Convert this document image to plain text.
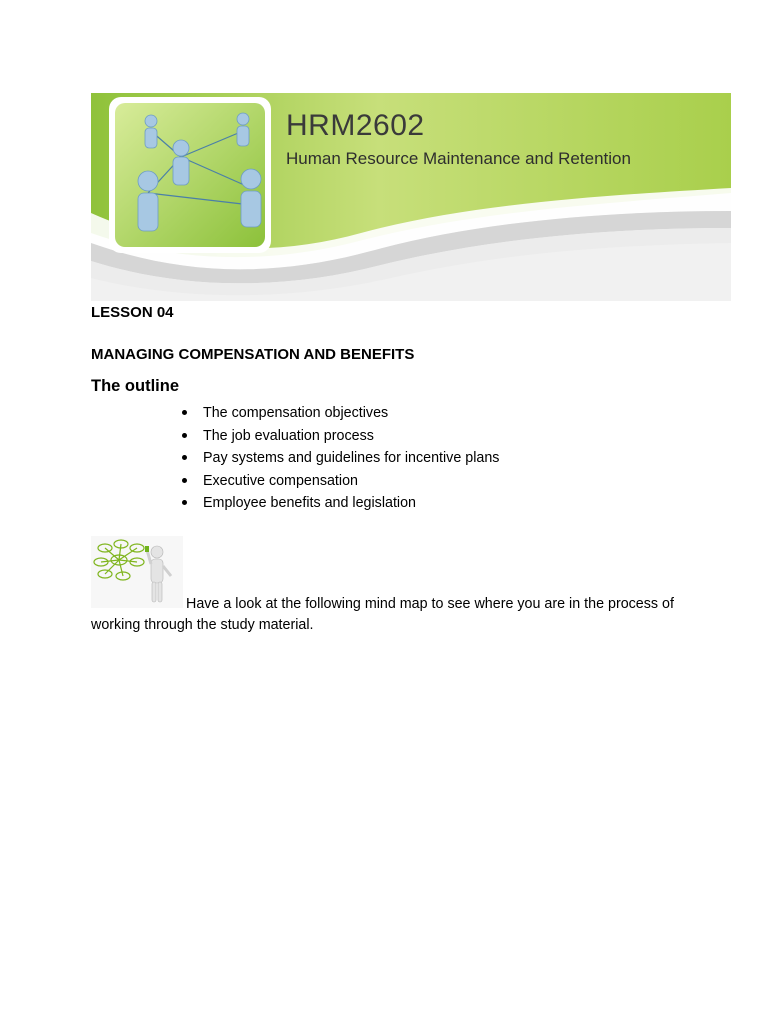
HRM2602
Human Resource Maintenance and Retention
LESSON 04
MANAGING COMPENSATION AND BENEFITS
The outline
The compensation objectives
The job evaluation process
Pay systems and guidelines for incentive plans
Executive compensation
Employee benefits and legislation
Have a look at the following mind map to see where you are in the process of working through the study material.
